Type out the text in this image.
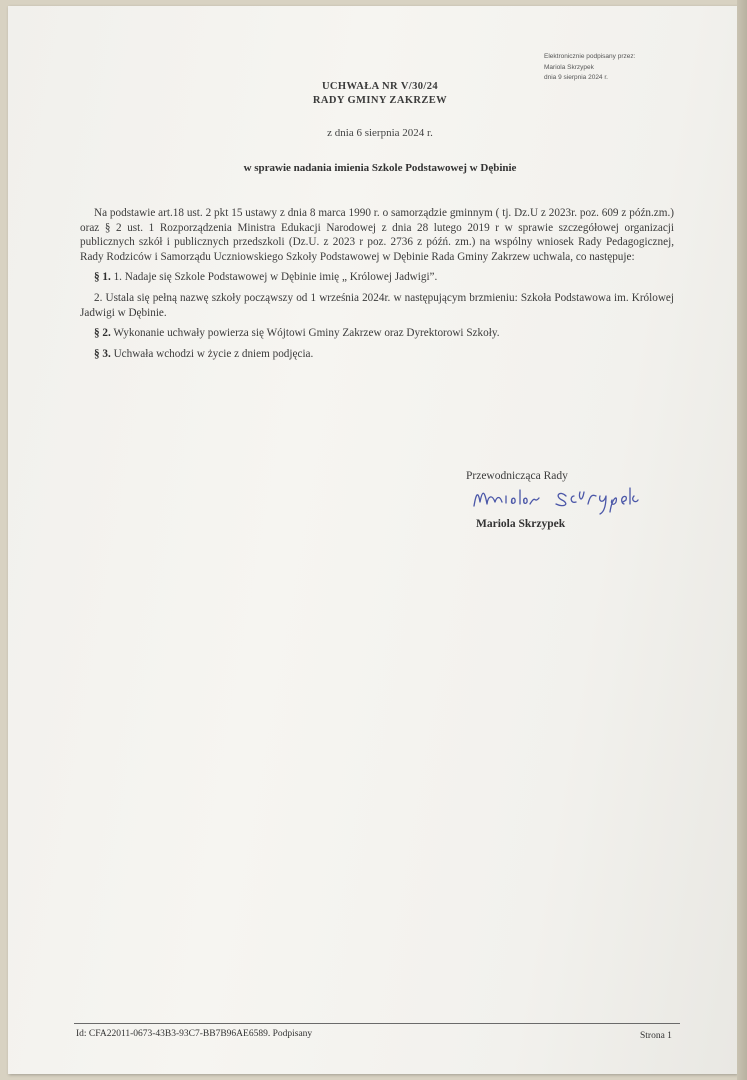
Elektronicznie podpisany przez:
Mariola Skrzypek
dnia 9 sierpnia 2024 r.
UCHWAŁA NR V/30/24
RADY GMINY ZAKRZEW
z dnia 6 sierpnia 2024 r.
w sprawie nadania imienia Szkole Podstawowej w Dębinie

Na podstawie art.18 ust. 2 pkt 15 ustawy z dnia 8 marca 1990 r. o samorządzie gminnym ( tj. Dz.U z 2023r. poz. 609 z późn.zm.) oraz § 2 ust. 1 Rozporządzenia Ministra Edukacji Narodowej z dnia 28 lutego 2019 r w sprawie szczegółowej organizacji publicznych szkół i publicznych przedszkoli (Dz.U. z 2023 r poz. 2736 z późń. zm.) na wspólny wniosek Rady Pedagogicznej, Rady Rodziców i Samorządu Uczniowskiego Szkoły Podstawowej w Dębinie Rada Gminy Zakrzew uchwala, co następuje:

§ 1. 1. Nadaje się Szkole Podstawowej w Dębinie imię „ Królowej Jadwigi”.

2. Ustala się pełną nazwę szkoły począwszy od 1 września 2024r. w następującym brzmieniu: Szkoła Podstawowa im. Królowej Jadwigi w Dębinie.

§ 2. Wykonanie uchwały powierza się Wójtowi Gminy Zakrzew oraz Dyrektorowi Szkoły.

§ 3. Uchwała wchodzi w życie z dniem podjęcia.

Przewodnicząca Rady
Mariola Skrzypek
Id: CFA22011-0673-43B3-93C7-BB7B96AE6589. Podpisany	Strona 1
